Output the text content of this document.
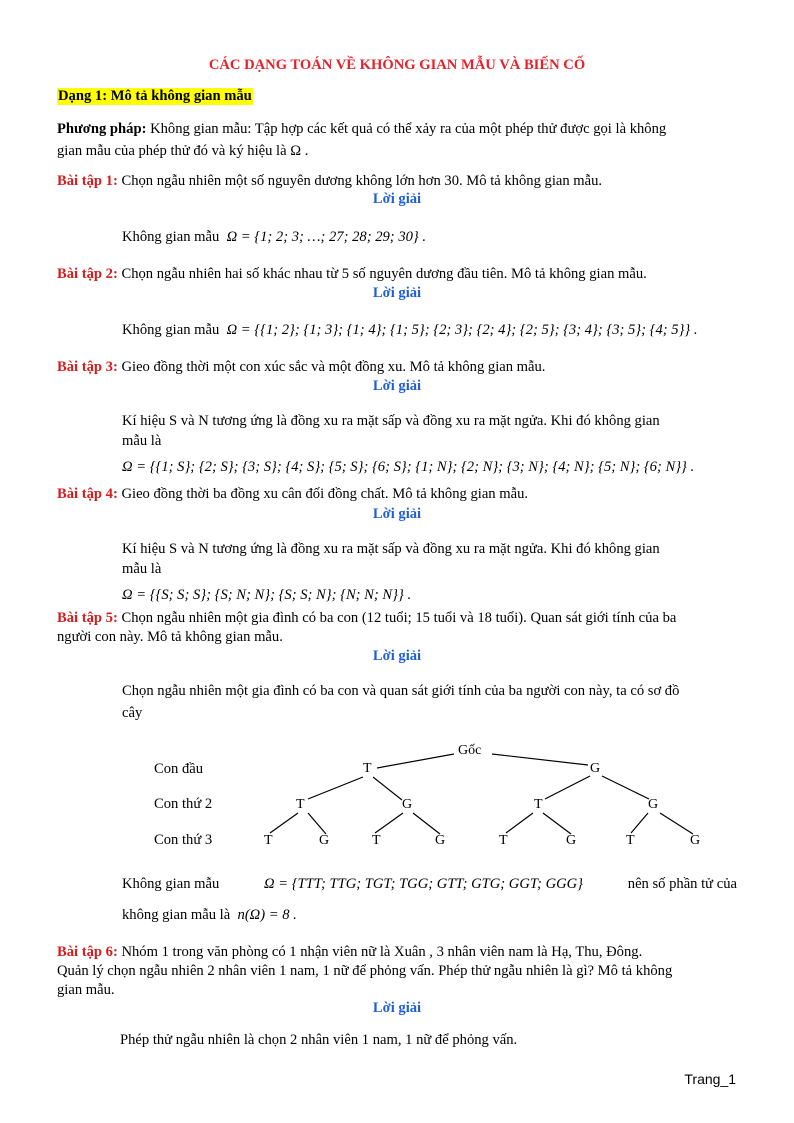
CÁC DẠNG TOÁN VỀ KHÔNG GIAN MẪU VÀ BIẾN CỐ
Dạng 1: Mô tả không gian mẫu
Phương pháp: Không gian mẫu: Tập hợp các kết quả có thể xảy ra của một phép thử được gọi là không
gian mẫu của phép thử đó và ký hiệu là Ω .
Bài tập 1: Chọn ngẫu nhiên một số nguyên dương không lớn hơn 30. Mô tả không gian mẫu.
Lời giải
Không gian mẫu Ω = {1; 2; 3; …; 27; 28; 29; 30} .
Bài tập 2: Chọn ngẫu nhiên hai số khác nhau từ 5 số nguyên dương đầu tiên. Mô tả không gian mẫu.
Lời giải
Không gian mẫu Ω = {{1; 2}; {1; 3}; {1; 4}; {1; 5}; {2; 3}; {2; 4}; {2; 5}; {3; 4}; {3; 5}; {4; 5}} .
Bài tập 3: Gieo đồng thời một con xúc sắc và một đồng xu. Mô tả không gian mẫu.
Lời giải
Kí hiệu S và N tương ứng là đồng xu ra mặt sấp và đồng xu ra mặt ngửa. Khi đó không gian
mẫu là
Ω = {{1; S}; {2; S}; {3; S}; {4; S}; {5; S}; {6; S}; {1; N}; {2; N}; {3; N}; {4; N}; {5; N}; {6; N}} .
Bài tập 4: Gieo đồng thời ba đồng xu cân đối đồng chất. Mô tả không gian mẫu.
Lời giải
Kí hiệu S và N tương ứng là đồng xu ra mặt sấp và đồng xu ra mặt ngửa. Khi đó không gian
mẫu là
Ω = {{S; S; S}; {S; N; N}; {S; S; N}; {N; N; N}} .
Bài tập 5: Chọn ngẫu nhiên một gia đình có ba con (12 tuổi; 15 tuổi và 18 tuổi). Quan sát giới tính của ba
người con này. Mô tả không gian mẫu.
Lời giải
Chọn ngẫu nhiên một gia đình có ba con và quan sát giới tính của ba người con này, ta có sơ đồ
cây
Con đầu
Con thứ 2
Con thứ 3
Gốc
T	G
T	G	T	G
T	G	T	G	T	G	T	G
Không gian mẫu	Ω = {TTT; TTG; TGT; TGG; GTT; GTG; GGT; GGG}	nên số phần tử của
không gian mẫu là n(Ω) = 8 .
Bài tập 6: Nhóm 1 trong văn phòng có 1 nhận viên nữ là Xuân , 3 nhân viên nam là Hạ, Thu, Đông.
Quản lý chọn ngẫu nhiên 2 nhân viên 1 nam, 1 nữ để phỏng vấn. Phép thử ngẫu nhiên là gì? Mô tả không
gian mẫu.
Lời giải
Phép thử ngẫu nhiên là chọn 2 nhân viên 1 nam, 1 nữ để phỏng vấn.
Trang_1
